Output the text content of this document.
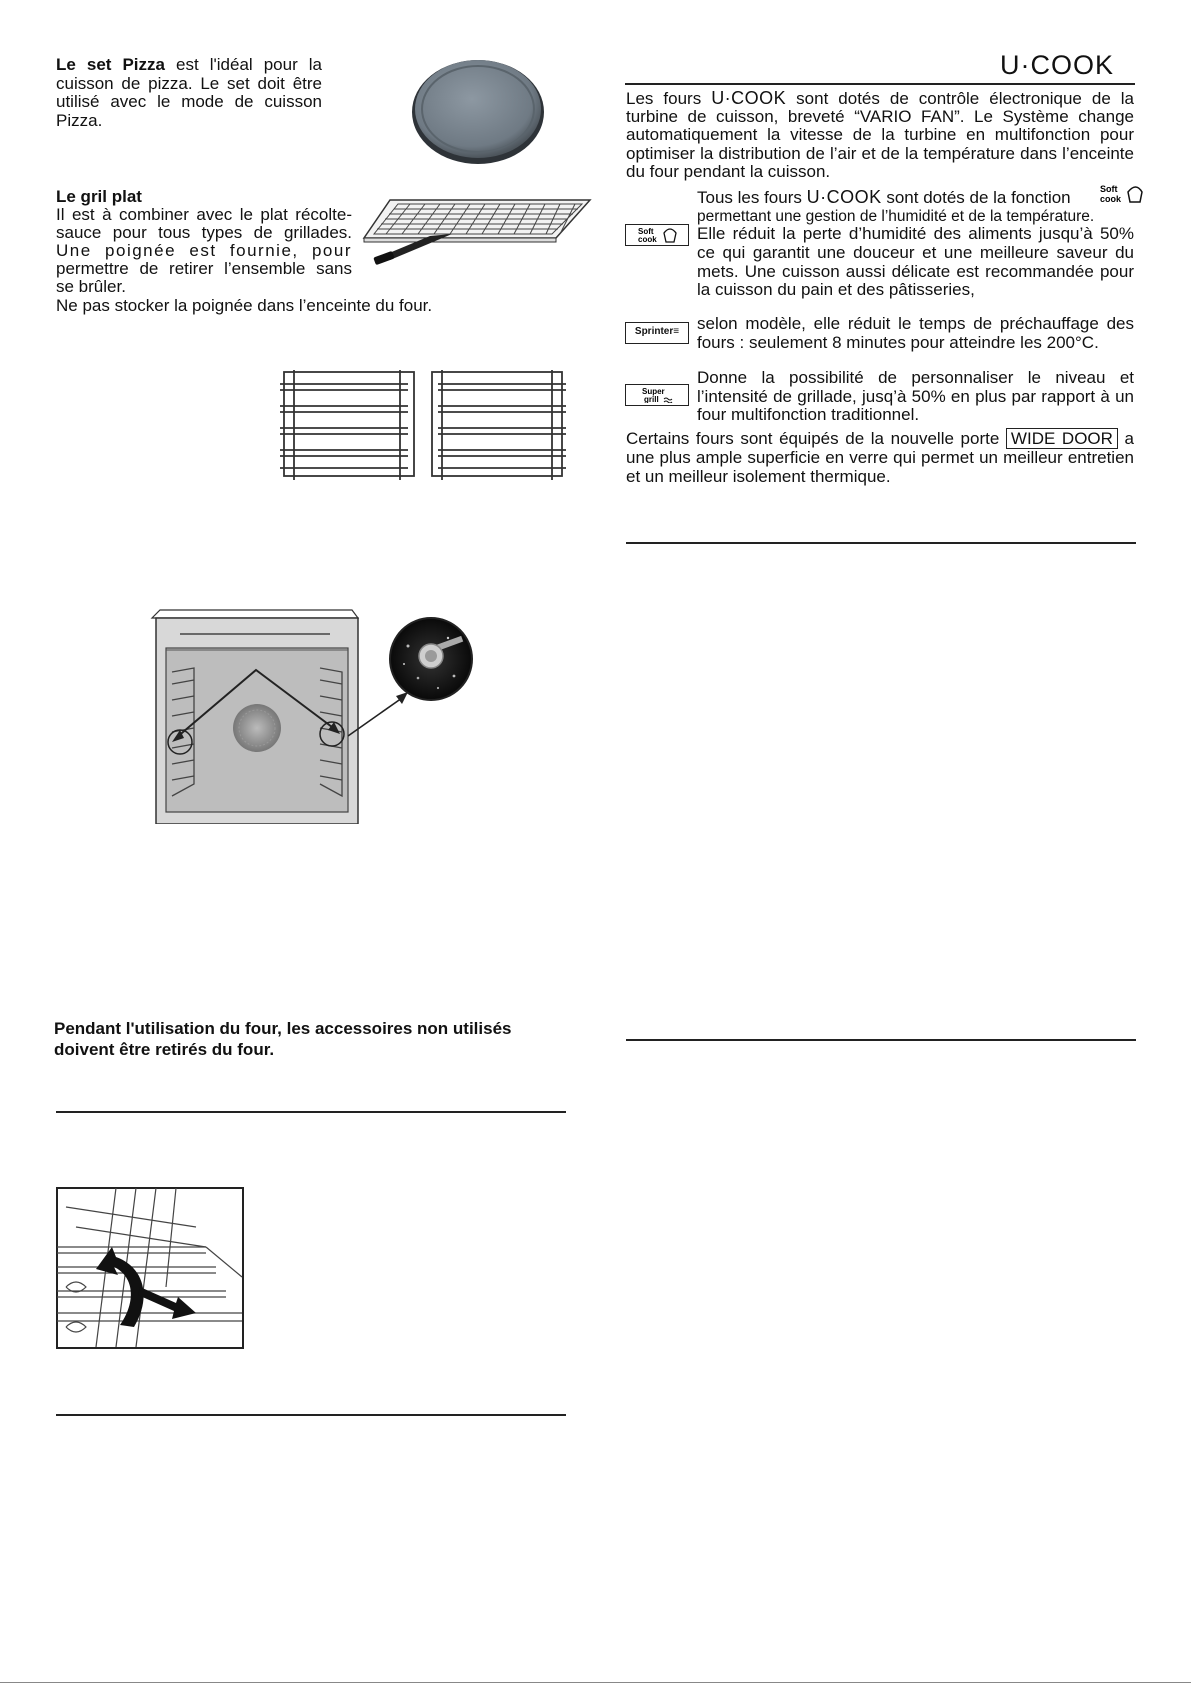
Le set Pizza est l'idéal pour la cuisson de pizza. Le set doit être utilisé avec le mode de cuisson Pizza.
Le gril plat
Il est à combiner avec le plat récolte-
sauce pour tous types de grillades.
Une poignée est fournie, pour
permettre de retirer l’ensemble sans
se brûler.
Ne pas stocker la poignée dans l’enceinte du four.
Pendant l'utilisation du four, les accessoires non utilisés
doivent être retirés du four.
U·COOK
Les fours U·COOK sont dotés de contrôle électronique de la turbine de cuisson, breveté “VARIO FAN”. Le Système change automatiquement la vitesse de la turbine en multifonction pour optimiser la distribution de l’air et de la température dans l’enceinte du four pendant la cuisson.
Tous les fours U·COOK sont dotés de la fonction	Soft
cook
permettant une gestion de l’humidité et de la température.
Elle réduit la perte d’humidité des aliments jusqu’à 50% ce qui garantit une douceur et une meilleure saveur du mets. Une cuisson aussi délicate est recommandée pour la cuisson du pain et des pâtisseries,
Soft
cook
Sprinter≡	selon modèle, elle réduit le temps de préchauffage des fours : seulement 8 minutes pour atteindre les 200°C.
Super
grill
Donne la possibilité de personnaliser le niveau et l’intensité de grillade, jusq’à 50% en plus par rapport à un four multifonction traditionnel.
Certains fours sont équipés de la nouvelle porte WIDE DOOR a une plus ample superficie en verre qui permet un meilleur entretien et un meilleur isolement thermique.
